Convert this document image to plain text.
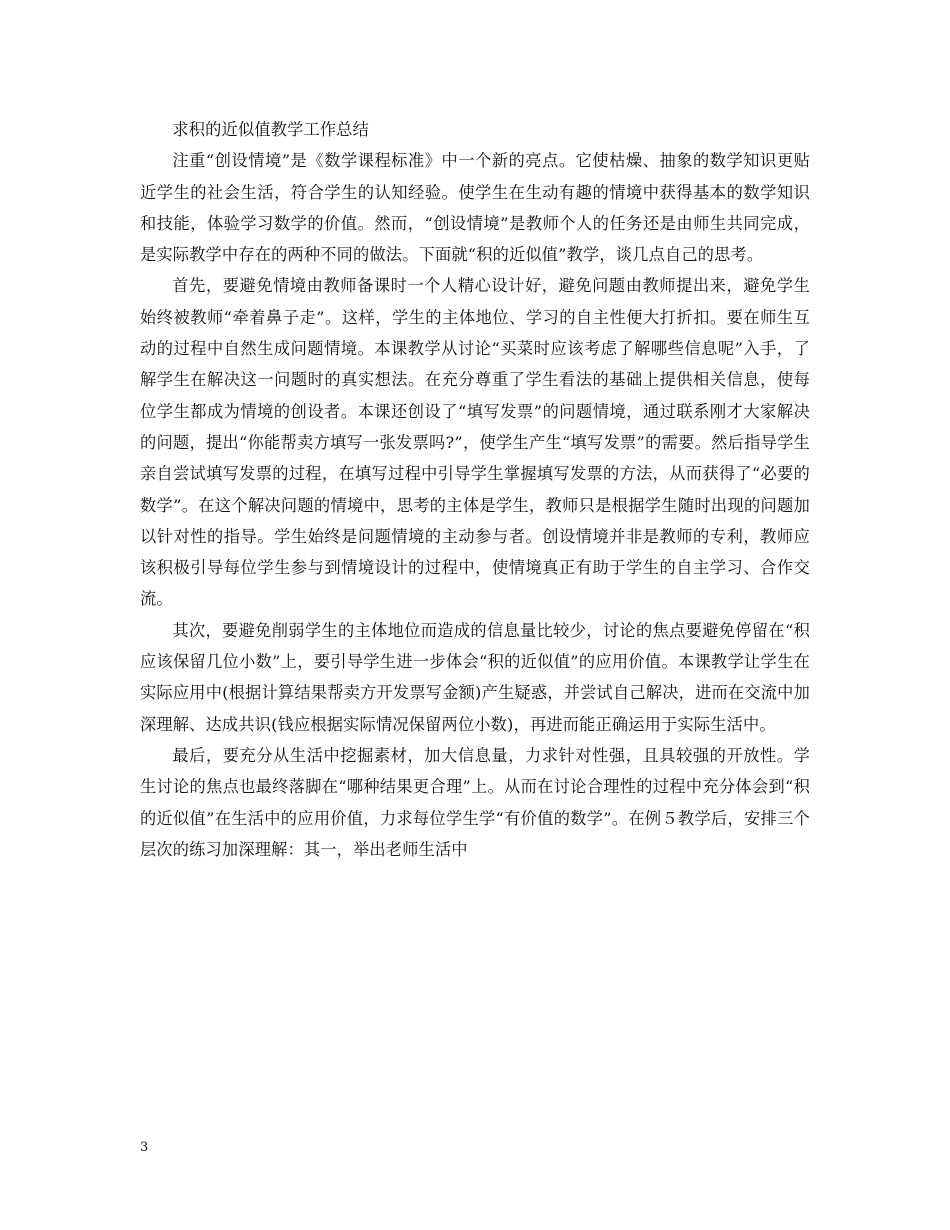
求积的近似值教学工作总结

注重“创设情境”是《数学课程标准》中一个新的亮点。它使枯燥、抽象的数学知识更贴近学生的社会生活，符合学生的认知经验。使学生在生动有趣的情境中获得基本的数学知识和技能，体验学习数学的价值。然而，“创设情境”是教师个人的任务还是由师生共同完成，是实际教学中存在的两种不同的做法。下面就“积的近似值”教学，谈几点自己的思考。

首先，要避免情境由教师备课时一个人精心设计好，避免问题由教师提出来，避免学生始终被教师“牵着鼻子走”。这样，学生的主体地位、学习的自主性便大打折扣。要在师生互动的过程中自然生成问题情境。本课教学从讨论“买菜时应该考虑了解哪些信息呢”入手，了解学生在解决这一问题时的真实想法。在充分尊重了学生看法的基础上提供相关信息，使每位学生都成为情境的创设者。本课还创设了“填写发票”的问题情境，通过联系刚才大家解决的问题，提出“你能帮卖方填写一张发票吗?”，使学生产生“填写发票”的需要。然后指导学生亲自尝试填写发票的过程，在填写过程中引导学生掌握填写发票的方法，从而获得了“必要的数学”。在这个解决问题的情境中，思考的主体是学生，教师只是根据学生随时出现的问题加以针对性的指导。学生始终是问题情境的主动参与者。创设情境并非是教师的专利，教师应该积极引导每位学生参与到情境设计的过程中，使情境真正有助于学生的自主学习、合作交流。

其次，要避免削弱学生的主体地位而造成的信息量比较少，讨论的焦点要避免停留在“积应该保留几位小数”上，要引导学生进一步体会“积的近似值”的应用价值。本课教学让学生在实际应用中(根据计算结果帮卖方开发票写金额)产生疑惑，并尝试自己解决，进而在交流中加深理解、达成共识(钱应根据实际情况保留两位小数)，再进而能正确运用于实际生活中。

最后，要充分从生活中挖掘素材，加大信息量，力求针对性强，且具较强的开放性。学生讨论的焦点也最终落脚在“哪种结果更合理”上。从而在讨论合理性的过程中充分体会到“积的近似值”在生活中的应用价值，力求每位学生学“有价值的数学”。在例５教学后，安排三个层次的练习加深理解：其一，举出老师生活中

3
